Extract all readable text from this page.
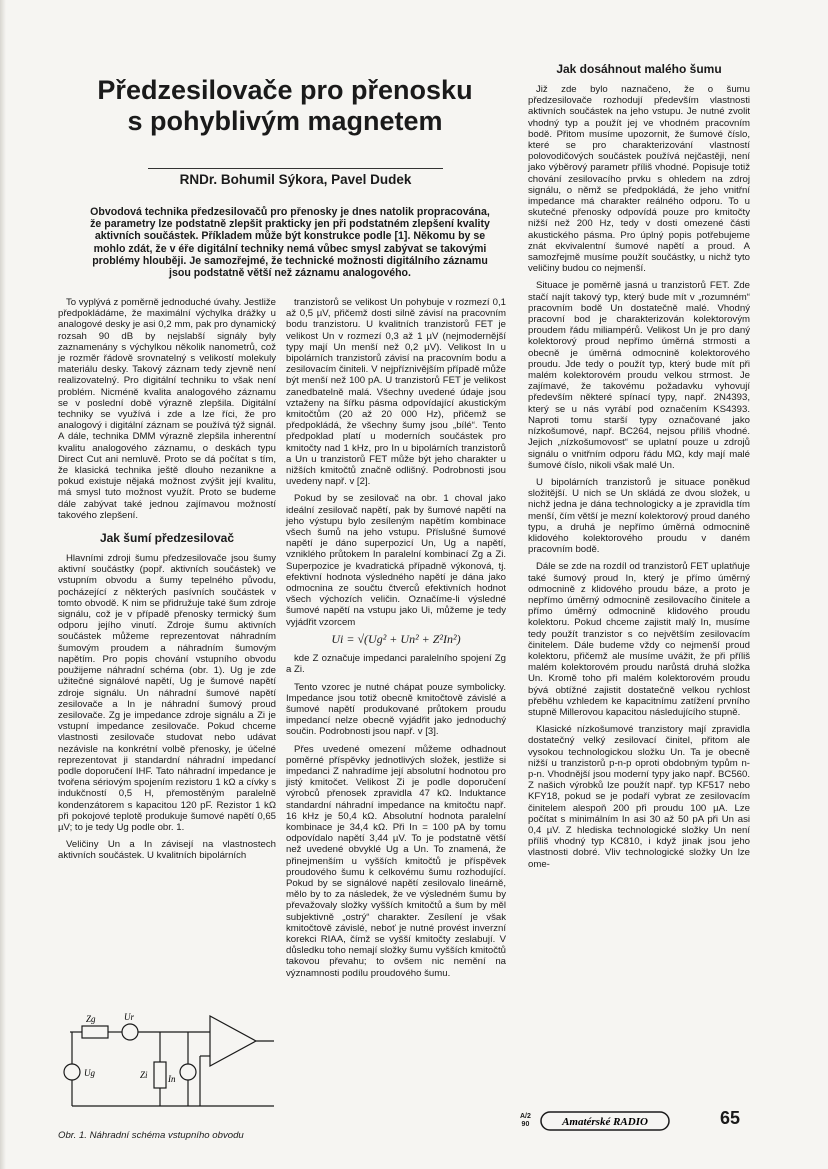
Předzesilovače pro přenosku
s pohyblivým magnetem
RNDr. Bohumil Sýkora, Pavel Dudek

Obvodová technika předzesilovačů pro přenosky je dnes natolik propracována, že parametry lze podstatně zlepšit prakticky jen při podstatném zlepšení kvality aktivních součástek. Příkladem může být konstrukce podle [1]. Někomu by se mohlo zdát, že v éře digitální techniky nemá vůbec smysl zabývat se takovými problémy hlouběji. Je samozřejmé, že technické možnosti digitálního záznamu jsou podstatně větší než záznamu analogového.

To vyplývá z poměrně jednoduché úvahy. Jestliže předpokládáme, že maximální výchylka drážky u analogové desky je asi 0,2 mm, pak pro dynamický rozsah 90 dB by nejslabší signály byly zaznamenány s výchylkou několik nanometrů, což je rozměr řádově srovnatelný s velikostí molekuly materiálu desky. Takový záznam tedy zjevně není realizovatelný. Pro digitální techniku to však není problém. Nicméně kvalita analogového záznamu se v poslední době výrazně zlepšila. Digitální techniky se využívá i zde a lze říci, že pro analogový i digitální záznam se používá týž signál. A dále, technika DMM výrazně zlepšila inherentní kvalitu analogového záznamu, o deskách typu Direct Cut ani nemluvě. Proto se dá počítat s tím, že klasická technika ještě dlouho nezanikne a pokud existuje nějaká možnost zvýšit její kvalitu, má smysl tuto možnost využít. Proto se budeme dále zabývat také jednou zajímavou možností takového zlepšení.

Jak šumí předzesilovač

Hlavními zdroji šumu předzesilovače jsou šumy aktivní součástky (popř. aktivních součástek) ve vstupním obvodu a šumy tepelného původu, pocházející z některých pasívních součástek v tomto obvodě. K nim se přidružuje také šum zdroje signálu, což je v případě přenosky termický šum odporu jejího vinutí. Zdroje šumu aktivních součástek můžeme reprezentovat náhradním šumovým proudem a náhradním šumovým napětím. Pro popis chování vstupního obvodu použijeme náhradní schéma (obr. 1). Ug je zde užitečné signálové napětí, Ug je šumové napětí zdroje signálu. Un náhradní šumové napětí zesilovače a In je náhradní šumový proud zesilovače. Zg je impedance zdroje signálu a Zi je vstupní impedance zesilovače. Pokud chceme vlastnosti zesilovače studovat nebo udávat nezávisle na konkrétní volbě přenosky, je účelné reprezentovat ji standardní náhradní impedancí podle doporučení IHF. Tato náhradní impedance je tvořena sériovým spojením rezistoru 1 kΩ a cívky s indukčností 0,5 H, přemostěným paralelně kondenzátorem s kapacitou 120 pF. Rezistor 1 kΩ při pokojové teplotě produkuje šumové napětí 0,65 µV; to je tedy Ug podle obr. 1.

Veličiny Un a In závisejí na vlastnostech aktivních součástek. U kvalitních bipolárních

Zg	Ur
Ug	Zi In
Obr. 1. Náhradní schéma vstupního obvodu

tranzistorů se velikost Un pohybuje v rozmezí 0,1 až 0,5 µV, přičemž dosti silně závisí na pracovním bodu tranzistoru. U kvalitních tranzistorů FET je velikost Un v rozmezí 0,3 až 1 µV (nejmodernější typy mají Un menší než 0,2 µV). Velikost In u bipolárních tranzistorů závisí na pracovním bodu a zesilovacím činiteli. V nejpříznivějším případě může být menší než 100 pA. U tranzistorů FET je velikost zanedbatelně malá. Všechny uvedené údaje jsou vztaženy na šířku pásma odpovídající akustickým kmitočtům (20 až 20 000 Hz), přičemž se předpokládá, že všechny šumy jsou „bílé“. Tento předpoklad platí u moderních součástek pro kmitočty nad 1 kHz, pro In u bipolárních tranzistorů a Un u tranzistorů FET může být jeho charakter u nižších kmitočtů značně odlišný. Podrobnosti jsou uvedeny např. v [2].

Pokud by se zesilovač na obr. 1 choval jako ideální zesilovač napětí, pak by šumové napětí na jeho výstupu bylo zesíleným napětím kombinace všech šumů na jeho vstupu. Příslušné šumové napětí je dáno superpozicí Un, Ug a napětí, vzniklého průtokem In paralelní kombinací Zg a Zi. Superpozice je kvadratická případně výkonová, tj. efektivní hodnota výsledného napětí je dána jako odmocnina ze součtu čtverců efektivních hodnot všech výchozích veličin. Označíme-li výsledné šumové napětí na vstupu jako Ui, můžeme je tedy vyjádřit vzorcem

Ui = √(Ug² + Un² + Z²In²)

kde Z označuje impedanci paralelního spojení Zg a Zi.

Tento vzorec je nutné chápat pouze symbolicky. Impedance jsou totiž obecně kmitočtově závislé a šumové napětí produkované průtokem proudu impedancí nelze obecně vyjádřit jako jednoduchý součin. Podrobnosti jsou např. v [3].

Přes uvedené omezení můžeme odhadnout poměrné příspěvky jednotlivých složek, jestliže si impedanci Z nahradíme její absolutní hodnotou pro jistý kmitočet. Velikost Zi je podle doporučení výrobců přenosek zpravidla 47 kΩ. Induktance standardní náhradní impedance na kmitočtu např. 16 kHz je 50,4 kΩ. Absolutní hodnota paralelní kombinace je 34,4 kΩ. Při In = 100 pA by tomu odpovídalo napětí 3,44 µV. To je podstatně větší než uvedené obvyklé Ug a Un. To znamená, že přinejmenším u vyšších kmitočtů je příspěvek proudového šumu k celkovému šumu rozhodující. Pokud by se signálové napětí zesilovalo lineárně, mělo by to za následek, že ve výsledném šumu by převažovaly složky vyšších kmitočtů a šum by měl subjektivně „ostrý“ charakter. Zesílení je však kmitočtově závislé, neboť je nutné provést inverzní korekci RIAA, čímž se vyšší kmitočty zeslabují. V důsledku toho nemají složky šumu vyšších kmitočtů takovou převahu; to ovšem nic nemění na významnosti podílu proudového šumu.

Jak dosáhnout malého šumu

Již zde bylo naznačeno, že o šumu předzesilovače rozhodují především vlastnosti aktivních součástek na jeho vstupu. Je nutné zvolit vhodný typ a použít jej ve vhodném pracovním bodě. Přitom musíme upozornit, že šumové číslo, které se pro charakterizování vlastností polovodičových součástek používá nejčastěji, není jako výběrový parametr příliš vhodné. Popisuje totiž chování zesilovacího prvku s ohledem na zdroj signálu, o němž se předpokládá, že jeho vnitřní impedance má charakter reálného odporu. To u skutečné přenosky odpovídá pouze pro kmitočty nižší než 200 Hz, tedy v dosti omezené části akustického pásma. Pro úplný popis potřebujeme znát ekvivalentní šumové napětí a proud. A samozřejmě musíme použít součástky, u nichž tyto veličiny budou co nejmenší.

Situace je poměrně jasná u tranzistorů FET. Zde stačí najít takový typ, který bude mít v „rozumném“ pracovním bodě Un dostatečně malé. Vhodný pracovní bod je charakterizován kolektorovým proudem řádu miliampérů. Velikost Un je pro daný kolektorový proud nepřímo úměrná strmosti a obecně je úměrná odmocnině kolektorového proudu. Jde tedy o použít typ, který bude mít při malém kolektorovém proudu velkou strmost. Je zajímavé, že takovému požadavku vyhovují především některé spínací typy, např. 2N4393, který se u nás vyrábí pod označením KS4393. Naproti tomu starší typy označované jako nízkošumové, např. BC264, nejsou příliš vhodné. Jejich „nízkošumovost“ se uplatní pouze u zdrojů signálu o vnitřním odporu řádu MΩ, kdy mají malé šumové číslo, nikoli však malé Un.

U bipolárních tranzistorů je situace poněkud složitější. U nich se Un skládá ze dvou složek, u nichž jedna je dána technologicky a je zpravidla tím menší, čím větší je mezní kolektorový proud daného typu, a druhá je nepřímo úměrná odmocnině klidového kolektorového proudu v daném pracovním bodě.

Dále se zde na rozdíl od tranzistorů FET uplatňuje také šumový proud In, který je přímo úměrný odmocnině z klidového proudu báze, a proto je nepřímo úměrný odmocnině zesilovacího činitele a přímo úměrný odmocnině klidového proudu kolektoru. Pokud chceme zajistit malý In, musíme tedy použít tranzistor s co největším zesilovacím činitelem. Dále budeme vždy co nejmenší proud kolektoru, přičemž ale musíme uvážit, že při příliš malém kolektorovém proudu narůstá druhá složka Un. Kromě toho při malém kolektorovém proudu bývá obtížné zajistit dostatečně velkou rychlost přeběhu vzhledem ke kapacitnímu zatížení prvního stupně Millerovou kapacitou následujícího stupně.

Klasické nízkošumové tranzistory mají zpravidla dostatečný velký zesilovací činitel, přitom ale vysokou technologickou složku Un. Ta je obecně nižší u tranzistorů p-n-p oproti obdobným typům n-p-n. Vhodnější jsou moderní typy jako např. BC560. Z našich výrobků lze použít např. typ KF517 nebo KFY18, pokud se je podaří vybrat ze zesilovacím činitelem alespoň 200 při proudu 100 µA. Lze počítat s minimálním In asi 30 až 50 pA při Un asi 0,4 µV. Z hlediska technologické složky Un není příliš vhodný typ KC810, i když jinak jsou jeho vlastnosti dobré. Vliv technologické složky Un lze ome-

A/2
90	Amatérské RADIO	65
